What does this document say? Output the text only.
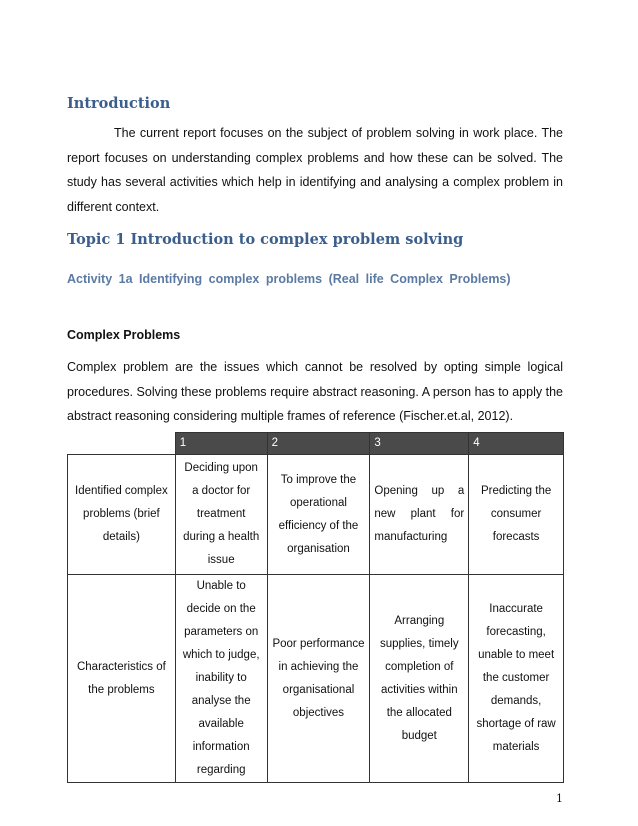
Introduction

The current report focuses on the subject of problem solving in work place. The report focuses on understanding complex problems and how these can be solved. The study has several activities which help in identifying and analysing a complex problem in different context.

Topic 1 Introduction to complex problem solving
Activity 1a Identifying complex problems (Real life Complex Problems)
Complex Problems

Complex problem are the issues which cannot be resolved by opting simple logical procedures. Solving these problems require abstract reasoning. A person has to apply the abstract reasoning considering multiple frames of reference (Fischer.et.al, 2012).

	1	2	3	4
Identified complex problems (brief details)	Deciding upon a doctor for treatment during a health issue	To improve the operational efficiency of the organisation	Opening up a new plant for manufacturing	Predicting the consumer forecasts
Characteristics of the problems	Unable to decide on the parameters on which to judge, inability to analyse the available information regarding	Poor performance in achieving the organisational objectives	Arranging supplies, timely completion of activities within the allocated budget	Inaccurate forecasting, unable to meet the customer demands, shortage of raw materials
1
